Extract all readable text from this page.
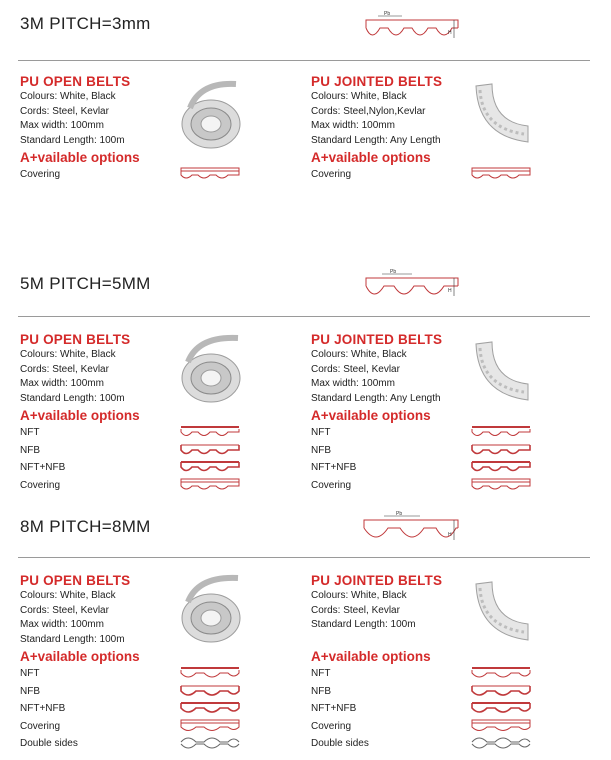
3M PITCH=3mm	Pb
H
PU OPEN BELTS
Colours: White, Black
Cords: Steel, Kevlar
Max width: 100mm
Standard Length: 100m
A+vailable options
Covering
PU JOINTED BELTS
Colours: White, Black
Cords: Steel,Nylon,Kevlar
Max width: 100mm
Standard Length: Any Length
A+vailable options
Covering
5M PITCH=5MM
Pb
H
PU OPEN BELTS
Colours: White, Black
Cords: Steel, Kevlar
Max width: 100mm
Standard Length: 100m
A+vailable options
NFT
NFB
NFT+NFB
Covering
PU JOINTED BELTS
Colours: White, Black
Cords: Steel, Kevlar
Max width: 100mm
Standard Length: Any Length
A+vailable options
NFT
NFB
NFT+NFB
Covering
8M PITCH=8MM
Pb
H
PU OPEN BELTS
Colours: White, Black
Cords: Steel, Kevlar
Max width: 100mm
Standard Length: 100m
A+vailable options
NFT
NFB
NFT+NFB
Covering
Double sides
PU JOINTED BELTS
Colours: White, Black
Cords: Steel, Kevlar
Standard Length: 100m
A+vailable options
NFT
NFB
NFT+NFB
Covering
Double sides
